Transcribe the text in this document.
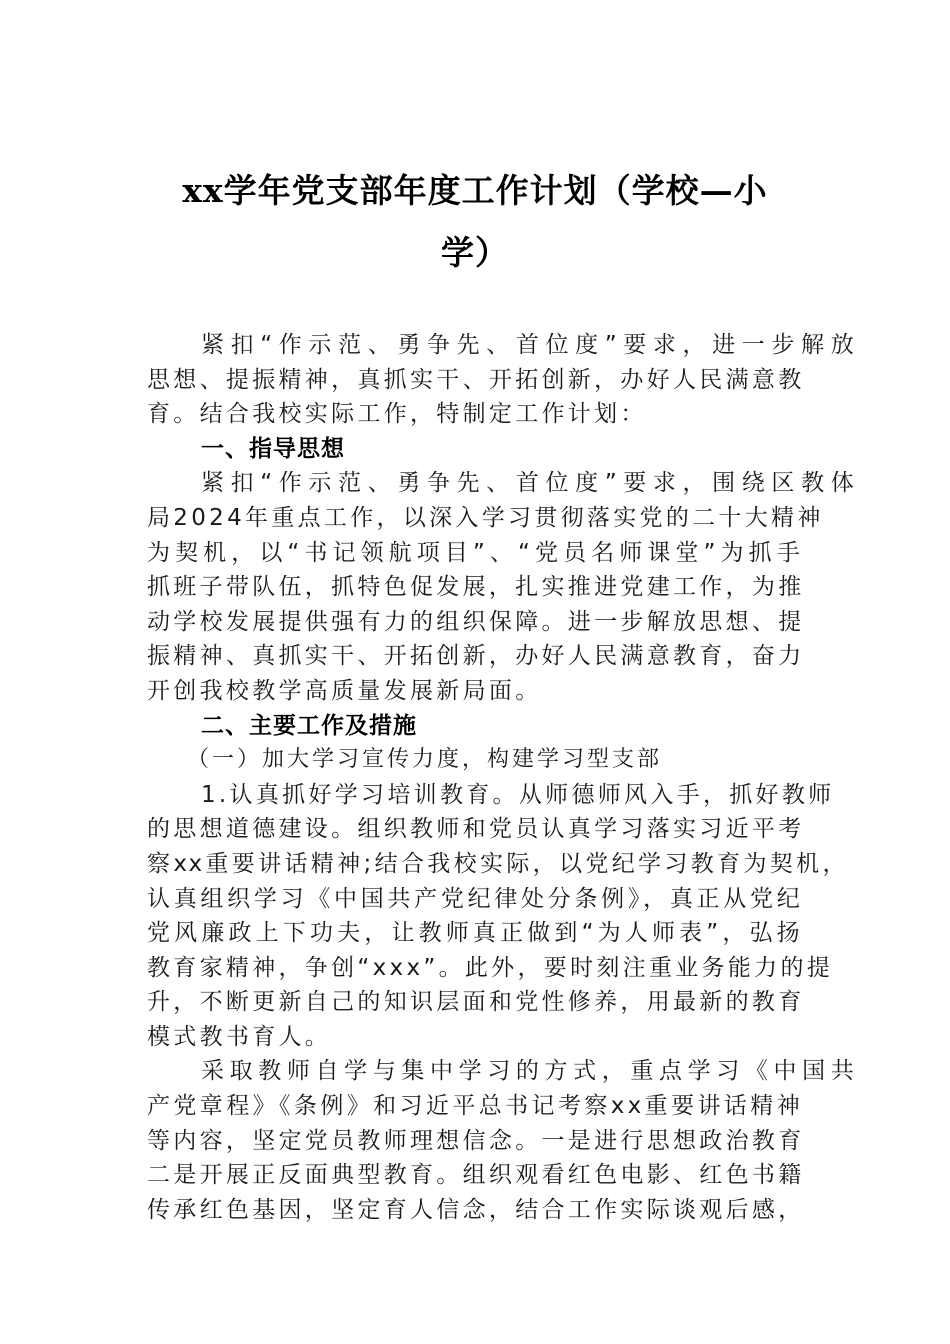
xx学年党支部年度工作计划（学校—小
学）
紧扣“作示范、勇争先、首位度”要求，进一步解放
思想、提振精神，真抓实干、开拓创新，办好人民满意教
育。结合我校实际工作，特制定工作计划：
一、指导思想
紧扣“作示范、勇争先、首位度”要求，围绕区教体
局2024年重点工作，以深入学习贯彻落实党的二十大精神
为契机，以“书记领航项目”、“党员名师课堂”为抓手
抓班子带队伍，抓特色促发展，扎实推进党建工作，为推
动学校发展提供强有力的组织保障。进一步解放思想、提
振精神、真抓实干、开拓创新，办好人民满意教育，奋力
开创我校教学高质量发展新局面。
二、主要工作及措施
（一）加大学习宣传力度，构建学习型支部
1.认真抓好学习培训教育。从师德师风入手，抓好教师
的思想道德建设。组织教师和党员认真学习落实习近平考
察xx重要讲话精神;结合我校实际，以党纪学习教育为契机，
认真组织学习《中国共产党纪律处分条例》，真正从党纪
党风廉政上下功夫，让教师真正做到“为人师表”，弘扬
教育家精神，争创“xxx”。此外，要时刻注重业务能力的提
升，不断更新自己的知识层面和党性修养，用最新的教育
模式教书育人。
采取教师自学与集中学习的方式，重点学习《中国共
产党章程》《条例》和习近平总书记考察xx重要讲话精神
等内容，坚定党员教师理想信念。一是进行思想政治教育
二是开展正反面典型教育。组织观看红色电影、红色书籍
传承红色基因，坚定育人信念，结合工作实际谈观后感，
